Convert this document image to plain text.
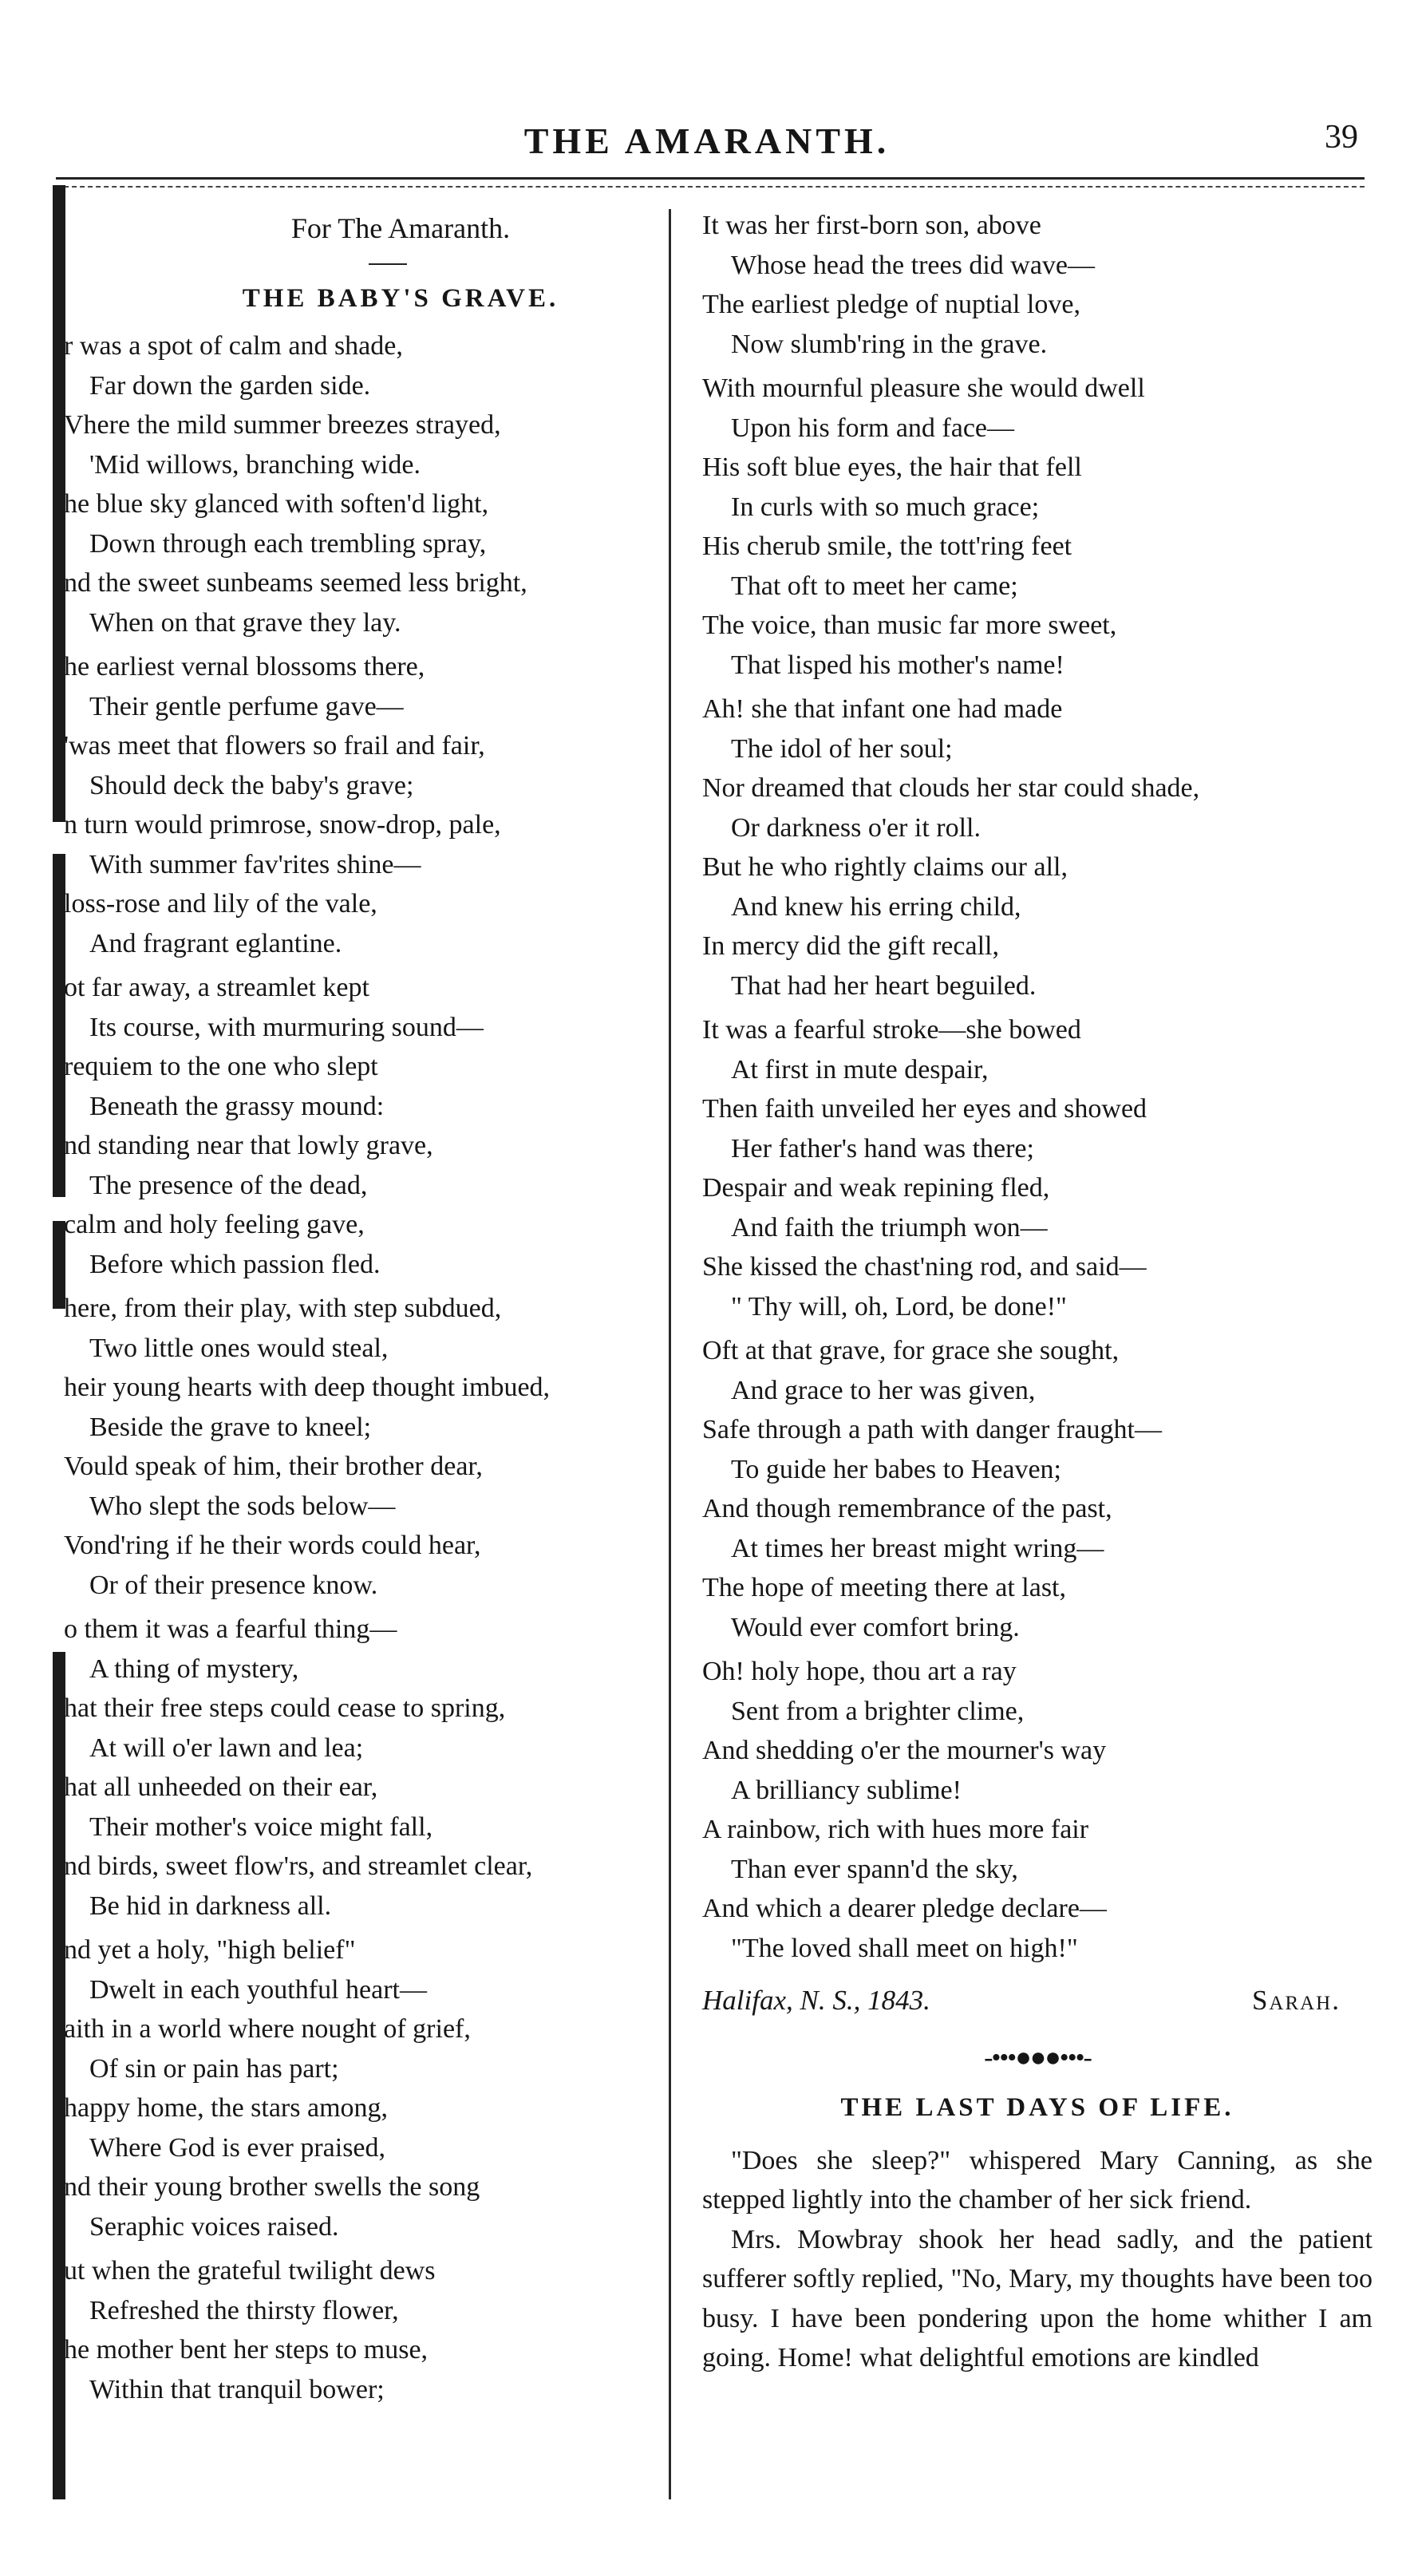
THE AMARANTH.	39
For The Amaranth.
THE BABY'S GRAVE.
r was a spot of calm and shade,
Far down the garden side.
Vhere the mild summer breezes strayed,
'Mid willows, branching wide.
he blue sky glanced with soften'd light,
Down through each trembling spray,
nd the sweet sunbeams seemed less bright,
When on that grave they lay.
he earliest vernal blossoms there,
Their gentle perfume gave—
'was meet that flowers so frail and fair,
Should deck the baby's grave;
n turn would primrose, snow-drop, pale,
With summer fav'rites shine—
loss-rose and lily of the vale,
And fragrant eglantine.
ot far away, a streamlet kept
Its course, with murmuring sound—
requiem to the one who slept
Beneath the grassy mound:
nd standing near that lowly grave,
The presence of the dead,
calm and holy feeling gave,
Before which passion fled.
here, from their play, with step subdued,
Two little ones would steal,
heir young hearts with deep thought imbued,
Beside the grave to kneel;
Vould speak of him, their brother dear,
Who slept the sods below—
Vond'ring if he their words could hear,
Or of their presence know.
o them it was a fearful thing—
A thing of mystery,
hat their free steps could cease to spring,
At will o'er lawn and lea;
hat all unheeded on their ear,
Their mother's voice might fall,
nd birds, sweet flow'rs, and streamlet clear,
Be hid in darkness all.
nd yet a holy, "high belief"
Dwelt in each youthful heart—
aith in a world where nought of grief,
Of sin or pain has part;
happy home, the stars among,
Where God is ever praised,
nd their young brother swells the song
Seraphic voices raised.
ut when the grateful twilight dews
Refreshed the thirsty flower,
he mother bent her steps to muse,
Within that tranquil bower;
It was her first-born son, above
Whose head the trees did wave—
The earliest pledge of nuptial love,
Now slumb'ring in the grave.
With mournful pleasure she would dwell
Upon his form and face—
His soft blue eyes, the hair that fell
In curls with so much grace;
His cherub smile, the tott'ring feet
That oft to meet her came;
The voice, than music far more sweet,
That lisped his mother's name!
Ah! she that infant one had made
The idol of her soul;
Nor dreamed that clouds her star could shade,
Or darkness o'er it roll.
But he who rightly claims our all,
And knew his erring child,
In mercy did the gift recall,
That had her heart beguiled.
It was a fearful stroke—she bowed
At first in mute despair,
Then faith unveiled her eyes and showed
Her father's hand was there;
Despair and weak repining fled,
And faith the triumph won—
She kissed the chast'ning rod, and said—
" Thy will, oh, Lord, be done!"
Oft at that grave, for grace she sought,
And grace to her was given,
Safe through a path with danger fraught—
To guide her babes to Heaven;
And though remembrance of the past,
At times her breast might wring—
The hope of meeting there at last,
Would ever comfort bring.
Oh! holy hope, thou art a ray
Sent from a brighter clime,
And shedding o'er the mourner's way
A brilliancy sublime!
A rainbow, rich with hues more fair
Than ever spann'd the sky,
And which a dearer pledge declare—
"The loved shall meet on high!"
Halifax, N. S., 1843.	Sarah.
-•••●●●•••-
THE LAST DAYS OF LIFE.

"Does she sleep?" whispered Mary Canning, as she stepped lightly into the chamber of her sick friend.

Mrs. Mowbray shook her head sadly, and the patient sufferer softly replied, "No, Mary, my thoughts have been too busy. I have been pondering upon the home whither I am going. Home! what delightful emotions are kindled
